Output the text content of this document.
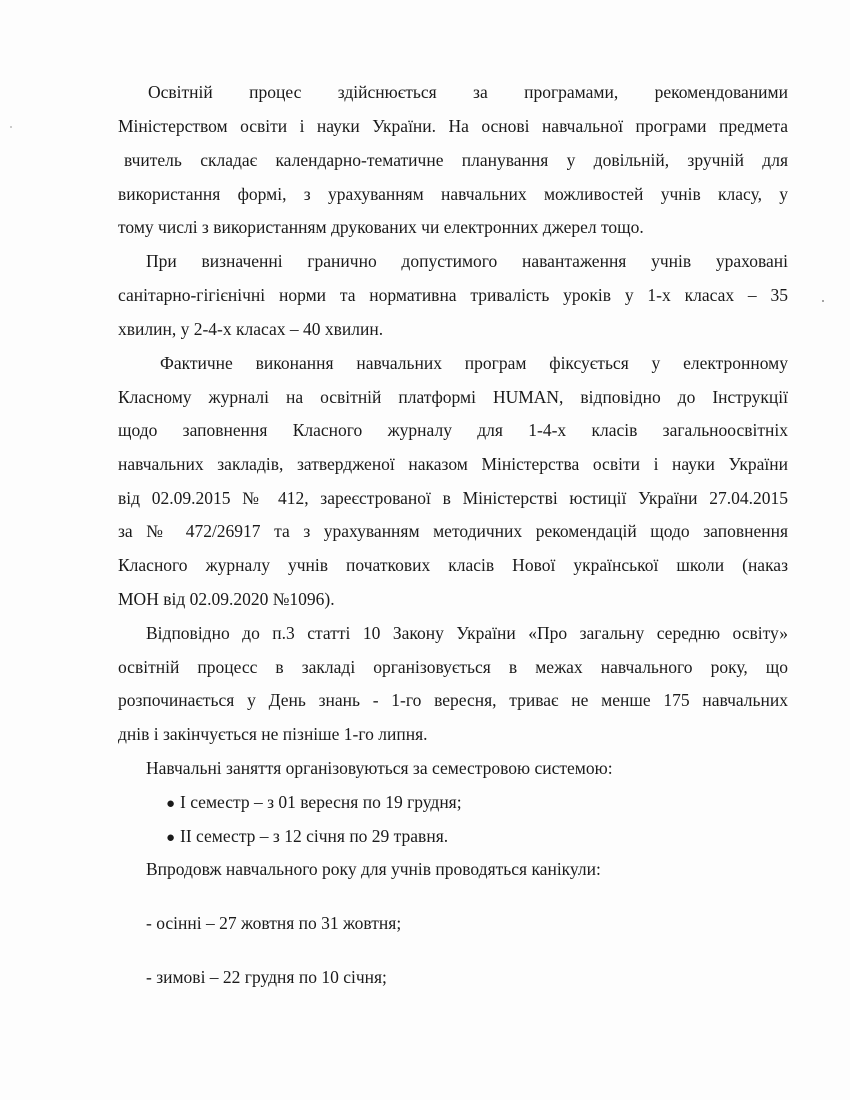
Освітній процес здійснюється за програмами, рекомендованими

Міністерством освіти і науки України. На основі навчальної програми предмета

вчитель складає календарно-тематичне планування у довільній, зручній для

використання формі, з урахуванням навчальних можливостей учнів класу, у

тому числі з використанням друкованих чи електронних джерел тощо.

При визначенні гранично допустимого навантаження учнів ураховані

санітарно-гігієнічні норми та нормативна тривалість уроків у 1-х класах – 35

хвилин, у 2-4-х класах – 40 хвилин.

Фактичне виконання навчальних програм фіксується у електронному

Класному журналі на освітній платформі HUMAN, відповідно до Інструкції

щодо заповнення Класного журналу для 1-4-х класів загальноосвітніх

навчальних закладів, затвердженої наказом Міністерства освіти і науки України

від 02.09.2015 № 412, зареєстрованої в Міністерстві юстиції України 27.04.2015

за № 472/26917 та з урахуванням методичних рекомендацій щодо заповнення

Класного журналу учнів початкових класів Нової української школи (наказ

МОН від 02.09.2020 №1096).

Відповідно до п.3 статті 10 Закону України «Про загальну середню освіту»

освітній процесс в закладі організовується в межах навчального року, що

розпочинається у День знань - 1-го вересня, триває не менше 175 навчальних

днів і закінчується не пізніше 1-го липня.

Навчальні заняття організовуються за семестровою системою:

● І семестр – з 01 вересня по 19 грудня;
● ІІ семестр – з 12 січня по 29 травня.

Впродовж навчального року для учнів проводяться канікули:

- осінні – 27 жовтня по 31 жовтня;

- зимові – 22 грудня по 10 січня;
